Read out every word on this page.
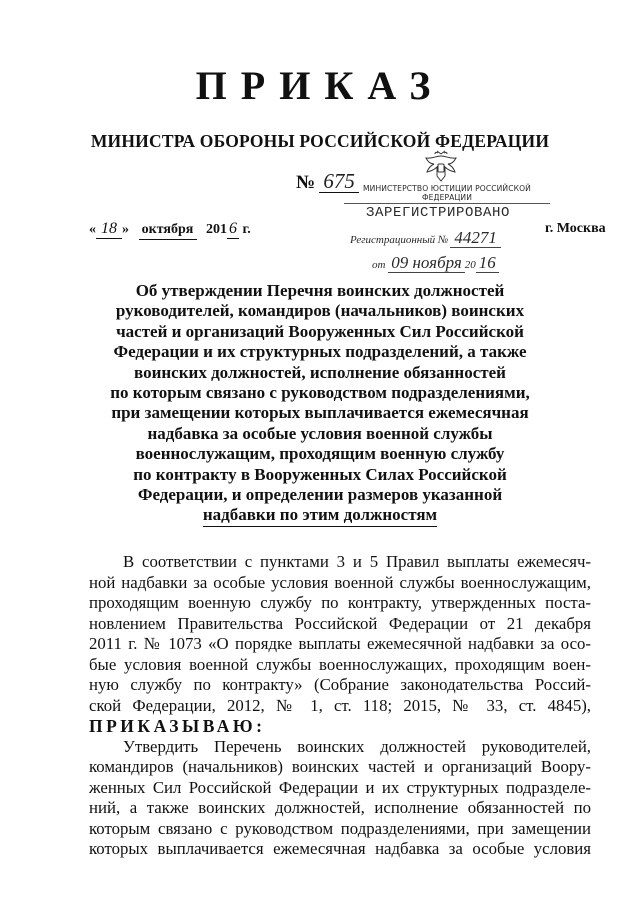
ПРИКАЗ
МИНИСТРА ОБОРОНЫ РОССИЙСКОЙ ФЕДЕРАЦИИ
№ 675
« 18 » октября 201 6 г.	г. Москва
МИНИСТЕРСТВО ЮСТИЦИИ РОССИЙСКОЙ ФЕДЕРАЦИИ
ЗАРЕГИСТРИРОВАНО
Регистрационный № 44271
от 09 ноября 20 16
Об утверждении Перечня воинских должностей
руководителей, командиров (начальников) воинских
частей и организаций Вооруженных Сил Российской
Федерации и их структурных подразделений, а также
воинских должностей, исполнение обязанностей
по которым связано с руководством подразделениями,
при замещении которых выплачивается ежемесячная
надбавка за особые условия военной службы
военнослужащим, проходящим военную службу
по контракту в Вооруженных Силах Российской
Федерации, и определении размеров указанной
надбавки по этим должностям
В соответствии с пунктами 3 и 5 Правил выплаты ежемесяч-
ной надбавки за особые условия военной службы военнослужащим,
проходящим военную службу по контракту, утвержденных поста-
новлением Правительства Российской Федерации от 21 декабря
2011 г. № 1073 «О порядке выплаты ежемесячной надбавки за осо-
бые условия военной службы военнослужащих, проходящим воен-
ную службу по контракту» (Собрание законодательства Россий-
ской Федерации, 2012, № 1, ст. 118; 2015, № 33, ст. 4845),
ПРИКАЗЫВАЮ:
Утвердить Перечень воинских должностей руководителей,
командиров (начальников) воинских частей и организаций Воору-
женных Сил Российской Федерации и их структурных подразделе-
ний, а также воинских должностей, исполнение обязанностей по
которым связано с руководством подразделениями, при замещении
которых выплачивается ежемесячная надбавка за особые условия
